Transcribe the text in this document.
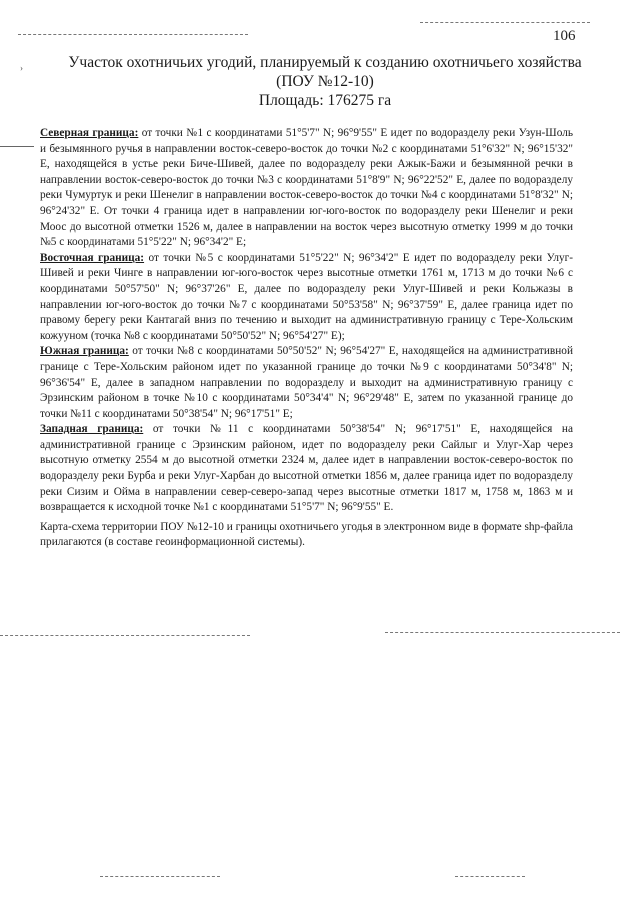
›
106
Участок охотничьих угодий, планируемый к созданию охотничьего хозяйства
(ПОУ №12-10)
Площадь: 176275 га

Северная граница: от точки №1 с координатами 51°5'7" N; 96°9'55" E идет по водоразделу реки Узун-Шоль и безымянного ручья в направлении восток-северо-восток до точки №2 с координатами 51°6'32" N; 96°15'32" E, находящейся в устье реки Биче-Шивей, далее по водоразделу реки Ажык-Бажи и безымянной речки в направлении восток-северо-восток до точки №3 с координатами 51°8'9" N; 96°22'52" E, далее по водоразделу реки Чумуртук и реки Шенелиг в направлении восток-северо-восток до точки №4 с координатами 51°8'32" N; 96°24'32" E. От точки 4 граница идет в направлении юг-юго-восток по водоразделу реки Шенелиг и реки Моос до высотной отметки 1526 м, далее в направлении на восток через высотную отметку 1999 м до точки №5 с координатами 51°5'22" N; 96°34'2" E;

Восточная граница: от точки №5 с координатами 51°5'22" N; 96°34'2" E идет по водоразделу реки Улуг-Шивей и реки Чинге в направлении юг-юго-восток через высотные отметки 1761 м, 1713 м до точки №6 с координатами 50°57'50" N; 96°37'26" E, далее по водоразделу реки Улуг-Шивей и реки Кольжазы в направлении юг-юго-восток до точки №7 с координатами 50°53'58" N; 96°37'59" E, далее граница идет по правому берегу реки Кантагай вниз по течению и выходит на административную границу с Тере-Хольским кожууном (точка №8 с координатами 50°50'52" N; 96°54'27" E);

Южная граница: от точки №8 с координатами 50°50'52" N; 96°54'27" E, находящейся на административной границе с Тере-Хольским районом идет по указанной границе до точки №9 с координатами 50°34'8" N; 96°36'54" E, далее в западном направлении по водоразделу и выходит на административную границу с Эрзинским районом в точке №10 с координатами 50°34'4" N; 96°29'48" E, затем по указанной границе до точки №11 с координатами 50°38'54" N; 96°17'51" E;

Западная граница: от точки №11 с координатами 50°38'54" N; 96°17'51" E, находящейся на административной границе с Эрзинским районом, идет по водоразделу реки Сайлыг и Улуг-Хар через высотную отметку 2554 м до высотной отметки 2324 м, далее идет в направлении восток-северо-восток по водоразделу реки Бурба и реки Улуг-Харбан до высотной отметки 1856 м, далее граница идет по водоразделу реки Сизим и Ойма в направлении север-северо-запад через высотные отметки 1817 м, 1758 м, 1863 м и возвращается к исходной точке №1 с координатами 51°5'7" N; 96°9'55" E.

Карта-схема территории ПОУ №12-10 и границы охотничьего угодья в электронном виде в формате shp-файла прилагаются (в составе геоинформационной системы).
